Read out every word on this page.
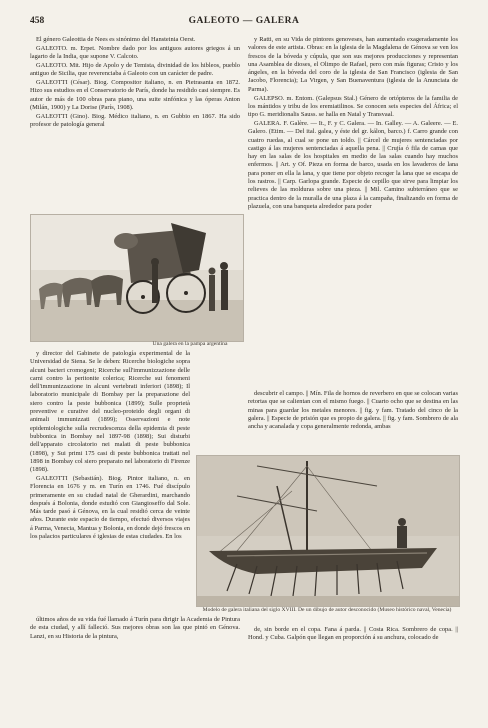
458	GALEOTO — GALERA

El género Galeottia de Nees es sinónimo del Hansteinia Oerst.

GALEOTO. m. Erpet. Nombre dado por los antiguos autores griegos á un lagarto de la India, que supone V. Calcoto.

GALEOTO. Mit. Hijo de Apolo y de Temista, divinidad de los hibleos, pueblo antiguo de Sicilia, que reverenciaba á Galeoto con un carácter de padre.

GALEOTTI (César). Biog. Compositor italiano, n. en Pietrasanta en 1872. Hizo sus estudios en el Conservatorio de París, donde ha residido casi siempre. Es autor de más de 100 obras para piano, una suite sinfónica y las óperas Anton (Milán, 1900) y La Dorise (París, 1908).

GALEOTTI (Gino). Biog. Médico italiano, n. en Gubbio en 1867. Ha sido profesor de patología general

y Ratti, en su Vida de pintores genoveses, han aumentado exageradamente los valores de este artista. Obras: en la iglesia de la Magdalena de Génova se ven los frescos de la bóveda y cúpula, que son sus mejores producciones y representan una Asamblea de dioses, el Olimpo de Rafael, pero con más figuras; Cristo y los ángeles, en la bóveda del coro de la iglesia de San Francisco (iglesia de San Jacobo, Florencia); La Virgen, y San Buenaventura (iglesia de la Anunciata de Parma).

GALEPSO. m. Entom. (Galepsus Stal.) Género de ortópteros de la familia de los mántidos y tribu de los eremiatilinos. Se conocen seis especies del África; el tipo G. meridionalis Sauss. se halla en Natal y Transvaal.

GALERA. F. Galère. — It., F. y C. Galera. — In. Galley. — A. Galeere. — E. Galero. (Etim. — Del ital. galea, y éste del gr. kálon, barco.) f. Carro grande con cuatro ruedas, al cual se pone un toldo. || Cárcel de mujeres sentenciadas por castigo á las mujeres sentenciadas á aquella pena. || Crujía ó fila de camas que hay en las salas de los hospitales en medio de las salas cuando hay muchos enfermos. || Art. y Of. Pieza en forma de barco, usada en los lavaderos de lana para poner en ella la lana, y que tiene por objeto recoger la lana que se escapa de los rastros. || Carp. Garlopa grande. Especie de cepillo que sirve para limpiar los relieves de las molduras sobre una pieza. || Mil. Camino subterráneo que se practica dentro de la muralla de una plaza á la campaña, finalizando en forma de plazuela, con una banqueta alrededor para poder

Una galera en la pampa argentina

y director del Gabinete de patología experimental de la Universidad de Siena. Se le deben: Ricerche biologiche sopra alcuni bacteri cromogeni; Ricerche sull'immunizzazione delle carni contro la peritonite colerica; Ricerche sui fenomeni dell'immunizzazione in alcuni vertebrati inferiori (1898); Il laboratorio municipale di Bombay per la preparazione del siero contro la peste bubbonica (1899); Sulle proprietà preventive e curative del nucleo-proteido degli organi di animali immunizzati (1899); Osservazioni e note epidemiologiche sulla recrudescenza della epidemia di peste bubbonica in Bombay nel 1897-98 (1898); Sui disturbi dell'apparato circolatorio nei malati di peste bubbonica (1898), y Sui primi 175 casi di peste bubbonica trattati nel 1898 in Bombay col siero preparato nel laboratorio di Firenze (1898).

GALEOTTI (Sebastián). Biog. Pintor italiano, n. en Florencia en 1676 y m. en Turín en 1746. Fué discípulo primeramente en su ciudad natal de Gherardini, marchando después á Bolonia, donde estudió con Giangioseffo dal Sole. Más tarde pasó á Génova, en la cual residió cerca de veinte años. Durante este espacio de tiempo, efectuó diversos viajes á Parma, Venecia, Mantua y Bolonia, en donde dejó frescos en los palacios particulares é iglesias de estas ciudades. En los

descubrir el campo. || Mín. Fila de hornos de reverbero en que se colocan varias retortas que se calientan con el mismo fuego. || Cuarto ocho que se destina en las minas para guardar los metales menores. || fig. y fam. Tratado del cinco de la galera. || Especie de prisión que es propio de galera. || fig. y fam. Sombrero de ala ancha y acanalada y copa generalmente redonda, ambas

Modelo de galera italiana del siglo XVIII. De un dibujo de autor desconocido (Museo histórico naval, Venecia)

últimos años de su vida fué llamado á Turín para dirigir la Academia de Pintura de esta ciudad, y allí falleció. Sus mejores obras son las que pintó en Génova. Lanzi, en su Historia de la pintura,

de, sin borde en el copa. Fana á parda. || Costa Rica. Sombrero de copa. || Hond. y Cuba. Galpón que llegan en proporción á su anchura, colocado de
